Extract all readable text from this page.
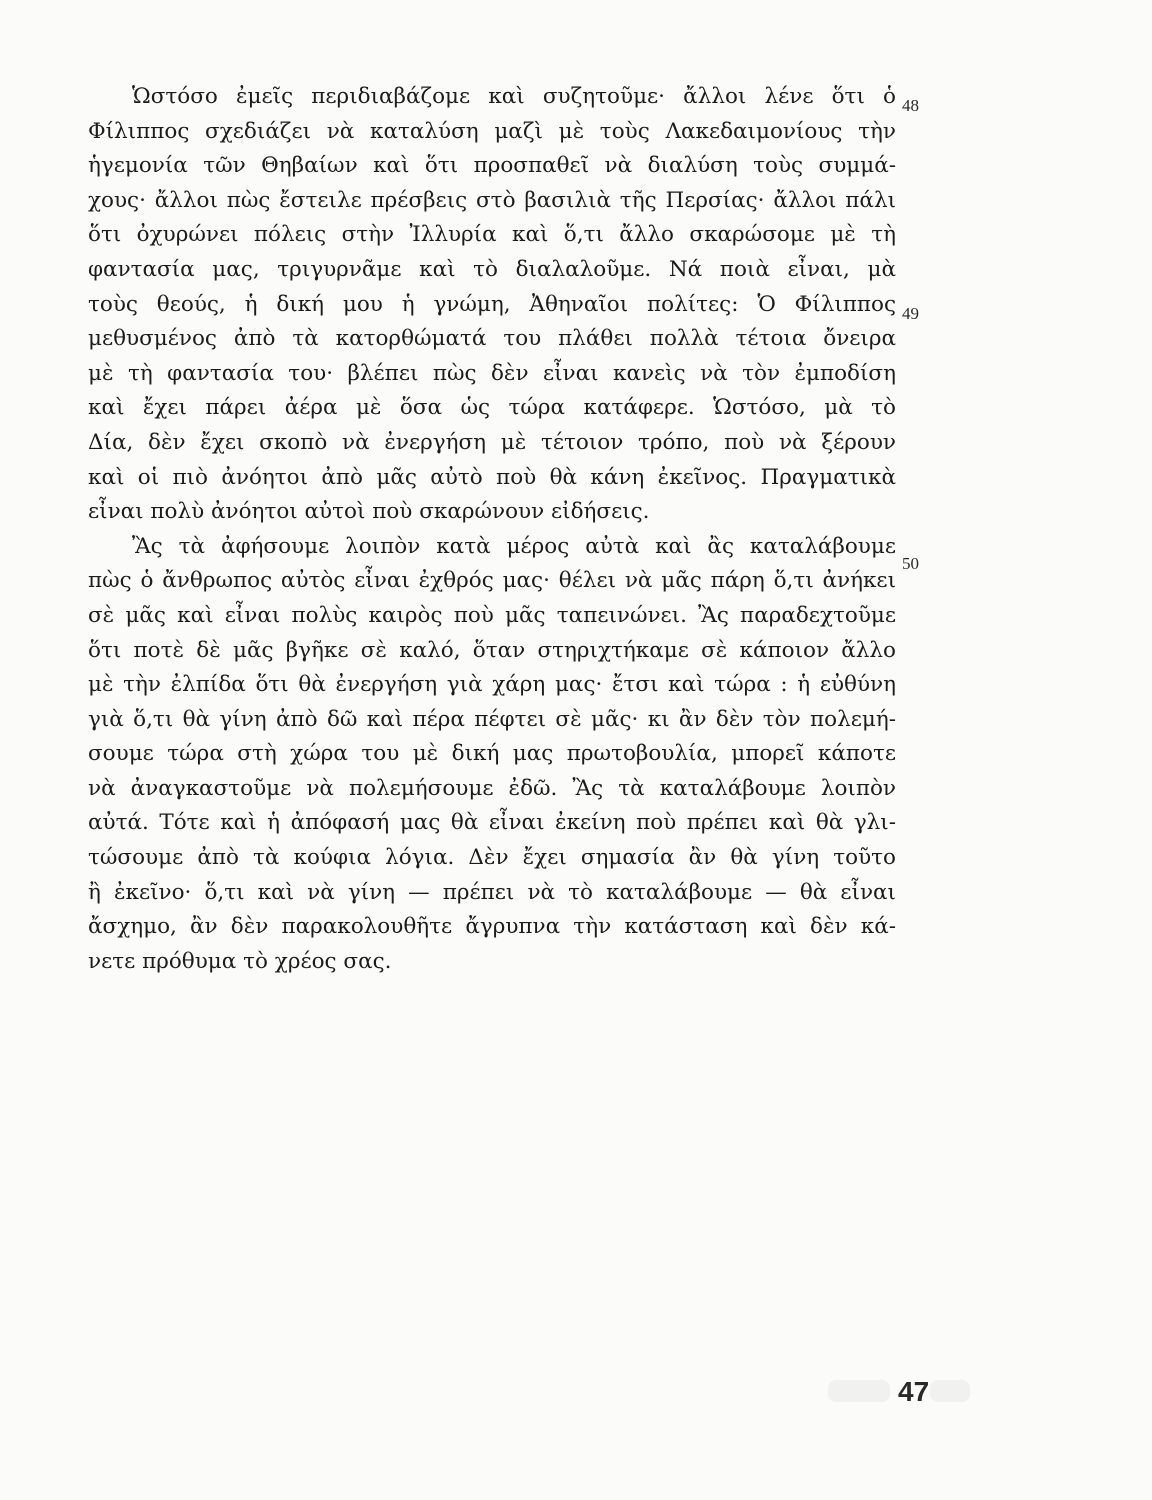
Ὡστόσο ἐμεῖς περιδιαβάζομε καὶ συζητοῦμε· ἄλλοι λένε ὅτι ὁ
Φίλιππος σχεδιάζει νὰ καταλύση μαζὶ μὲ τοὺς Λακεδαιμονίους τὴν
ἡγεμονία τῶν Θηβαίων καὶ ὅτι προσπαθεῖ νὰ διαλύση τοὺς συμμά-
χους· ἄλλοι πὼς ἔστειλε πρέσβεις στὸ βασιλιὰ τῆς Περσίας· ἄλλοι πάλι
ὅτι ὀχυρώνει πόλεις στὴν Ἰλλυρία καὶ ὅ,τι ἄλλο σκαρώσομε μὲ τὴ
φαντασία μας, τριγυρνᾶμε καὶ τὸ διαλαλοῦμε. Νά ποιὰ εἶναι, μὰ
τοὺς θεούς, ἡ δική μου ἡ γνώμη, Ἀθηναῖοι πολίτες: Ὁ Φίλιππος
μεθυσμένος ἀπὸ τὰ κατορθώματά του πλάθει πολλὰ τέτοια ὄνειρα
μὲ τὴ φαντασία του· βλέπει πὼς δὲν εἶναι κανεὶς νὰ τὸν ἐμποδίση
καὶ ἔχει πάρει ἀέρα μὲ ὅσα ὡς τώρα κατάφερε. Ὡστόσο, μὰ τὸ
Δία, δὲν ἔχει σκοπὸ νὰ ἐνεργήση μὲ τέτοιον τρόπο, ποὺ νὰ ξέρουν
καὶ οἱ πιὸ ἀνόητοι ἀπὸ μᾶς αὐτὸ ποὺ θὰ κάνη ἐκεῖνος. Πραγματικὰ
εἶναι πολὺ ἀνόητοι αὐτοὶ ποὺ σκαρώνουν εἰδήσεις.
Ἂς τὰ ἀφήσουμε λοιπὸν κατὰ μέρος αὐτὰ καὶ ἂς καταλάβουμε
πὼς ὁ ἄνθρωπος αὐτὸς εἶναι ἐχθρός μας· θέλει νὰ μᾶς πάρη ὅ,τι ἀνήκει
σὲ μᾶς καὶ εἶναι πολὺς καιρὸς ποὺ μᾶς ταπεινώνει. Ἂς παραδεχτοῦμε
ὅτι ποτὲ δὲ μᾶς βγῆκε σὲ καλό, ὅταν στηριχτήκαμε σὲ κάποιον ἄλλο
μὲ τὴν ἐλπίδα ὅτι θὰ ἐνεργήση γιὰ χάρη μας· ἔτσι καὶ τώρα : ἡ εὐθύνη
γιὰ ὅ,τι θὰ γίνη ἀπὸ δῶ καὶ πέρα πέφτει σὲ μᾶς· κι ἂν δὲν τὸν πολεμή-
σουμε τώρα στὴ χώρα του μὲ δική μας πρωτοβουλία, μπορεῖ κάποτε
νὰ ἀναγκαστοῦμε νὰ πολεμήσουμε ἐδῶ. Ἂς τὰ καταλάβουμε λοιπὸν
αὐτά. Τότε καὶ ἡ ἀπόφασή μας θὰ εἶναι ἐκείνη ποὺ πρέπει καὶ θὰ γλι-
τώσουμε ἀπὸ τὰ κούφια λόγια. Δὲν ἔχει σημασία ἂν θὰ γίνη τοῦτο
ἢ ἐκεῖνο· ὅ,τι καὶ νὰ γίνη — πρέπει νὰ τὸ καταλάβουμε — θὰ εἶναι
ἄσχημο, ἂν δὲν παρακολουθῆτε ἄγρυπνα τὴν κατάσταση καὶ δὲν κά-
νετε πρόθυμα τὸ χρέος σας.
48
49
50
47
